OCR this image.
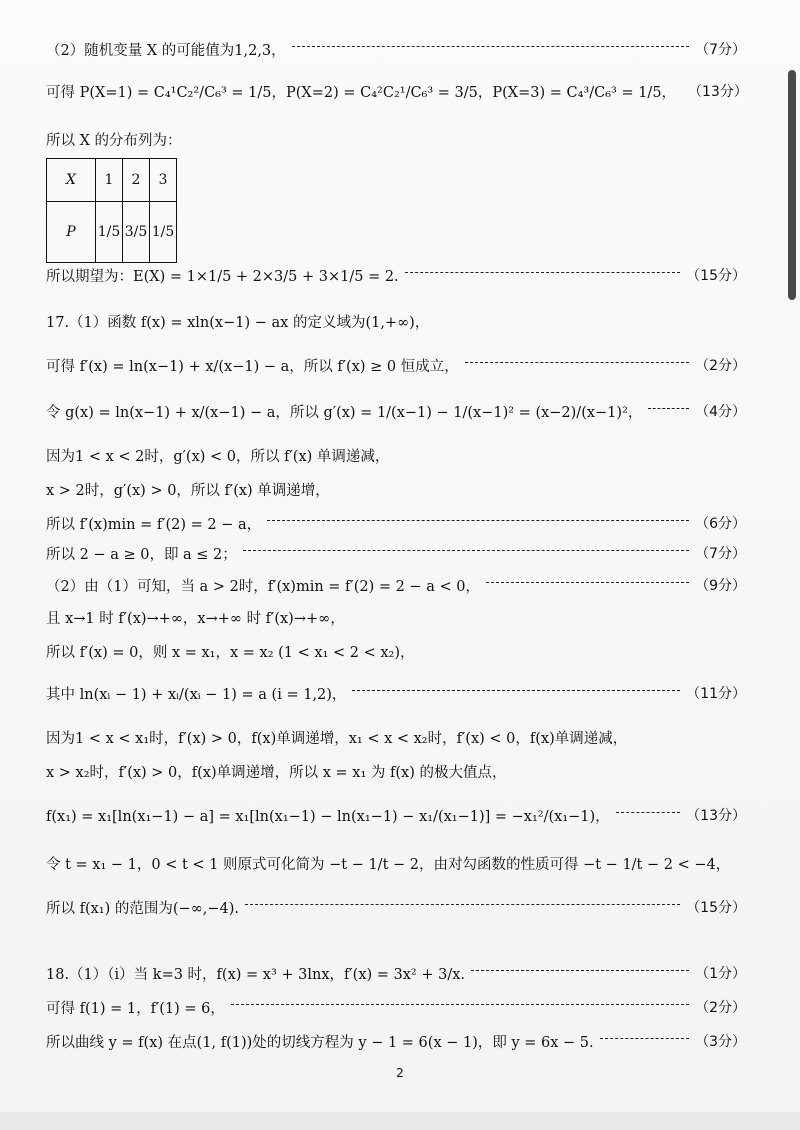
（2）随机变量 X 的可能值为1,2,3，	（7分）
可得 P(X=1) = C₄¹C₂²/C₆³ = 1/5，P(X=2) = C₄²C₂¹/C₆³ = 3/5，P(X=3) = C₄³/C₆³ = 1/5， （13分）
所以 X 的分布列为：
X	1	2	3
P	1/5	3/5	1/5
所以期望为：E(X) = 1×1/5 + 2×3/5 + 3×1/5 = 2.	（15分）
17.（1）函数 f(x) = xln(x−1) − ax 的定义域为(1,+∞)，
可得 f′(x) = ln(x−1) + x/(x−1) − a，所以 f′(x) ≥ 0 恒成立，	（2分）
令 g(x) = ln(x−1) + x/(x−1) − a，所以 g′(x) = 1/(x−1) − 1/(x−1)² = (x−2)/(x−1)²，	（4分）
因为1 < x < 2时，g′(x) < 0，所以 f′(x) 单调递减，
x > 2时，g′(x) > 0，所以 f′(x) 单调递增，
所以 f′(x)min = f′(2) = 2 − a，	（6分）
所以 2 − a ≥ 0，即 a ≤ 2；	（7分）
（2）由（1）可知，当 a > 2时，f′(x)min = f′(2) = 2 − a < 0，	（9分）
且 x→1 时 f′(x)→+∞，x→+∞ 时 f′(x)→+∞，
所以 f′(x) = 0，则 x = x₁，x = x₂ (1 < x₁ < 2 < x₂)，
其中 ln(xᵢ − 1) + xᵢ/(xᵢ − 1) = a (i = 1,2)，	（11分）
因为1 < x < x₁时，f′(x) > 0，f(x)单调递增，x₁ < x < x₂时，f′(x) < 0，f(x)单调递减，
x > x₂时，f′(x) > 0，f(x)单调递增，所以 x = x₁ 为 f(x) 的极大值点，
f(x₁) = x₁[ln(x₁−1) − a] = x₁[ln(x₁−1) − ln(x₁−1) − x₁/(x₁−1)] = −x₁²/(x₁−1)，	（13分）
令 t = x₁ − 1，0 < t < 1 则原式可化简为 −t − 1/t − 2，由对勾函数的性质可得 −t − 1/t − 2 < −4，
所以 f(x₁) 的范围为(−∞,−4).	（15分）
18.（1）（i）当 k=3 时，f(x) = x³ + 3lnx，f′(x) = 3x² + 3/x.	（1分）
可得 f(1) = 1，f′(1) = 6，	（2分）
所以曲线 y = f(x) 在点(1, f(1))处的切线方程为 y − 1 = 6(x − 1)，即 y = 6x − 5.	（3分）
2
